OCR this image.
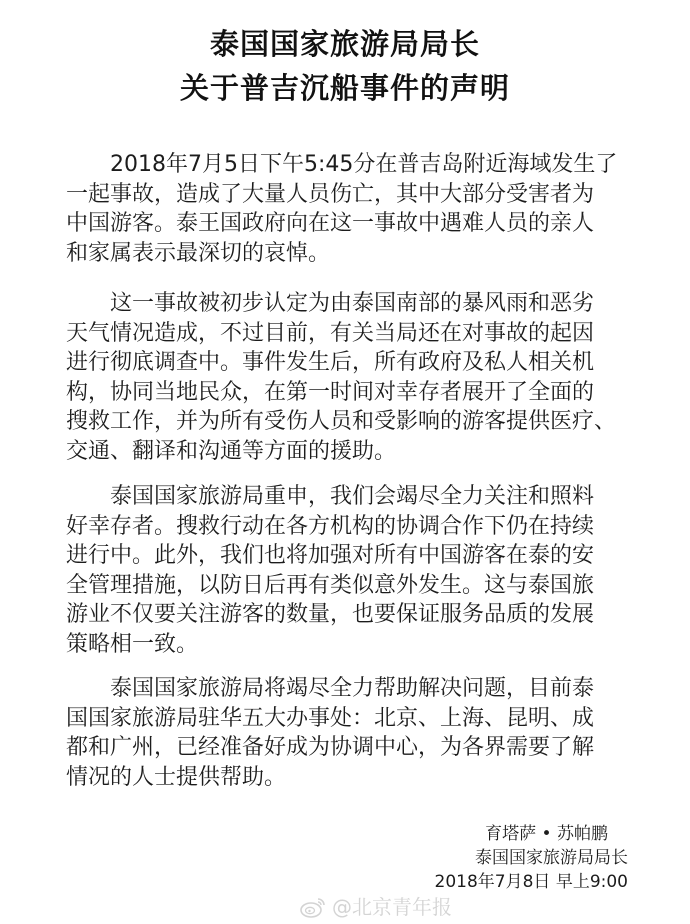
泰国国家旅游局局长
关于普吉沉船事件的声明
2018年7月5日下午5:45分在普吉岛附近海域发生了
一起事故，造成了大量人员伤亡，其中大部分受害者为
中国游客。泰王国政府向在这一事故中遇难人员的亲人
和家属表示最深切的哀悼。
这一事故被初步认定为由泰国南部的暴风雨和恶劣
天气情况造成，不过目前，有关当局还在对事故的起因
进行彻底调查中。事件发生后，所有政府及私人相关机
构，协同当地民众，在第一时间对幸存者展开了全面的
搜救工作，并为所有受伤人员和受影响的游客提供医疗、
交通、翻译和沟通等方面的援助。
泰国国家旅游局重申，我们会竭尽全力关注和照料
好幸存者。搜救行动在各方机构的协调合作下仍在持续
进行中。此外，我们也将加强对所有中国游客在泰的安
全管理措施，以防日后再有类似意外发生。这与泰国旅
游业不仅要关注游客的数量，也要保证服务品质的发展
策略相一致。
泰国国家旅游局将竭尽全力帮助解决问题，目前泰
国国家旅游局驻华五大办事处：北京、上海、昆明、成
都和广州，已经准备好成为协调中心，为各界需要了解
情况的人士提供帮助。
育塔萨 • 苏帕鹏
泰国国家旅游局局长
2018年7月8日 早上9:00
@北京青年报
